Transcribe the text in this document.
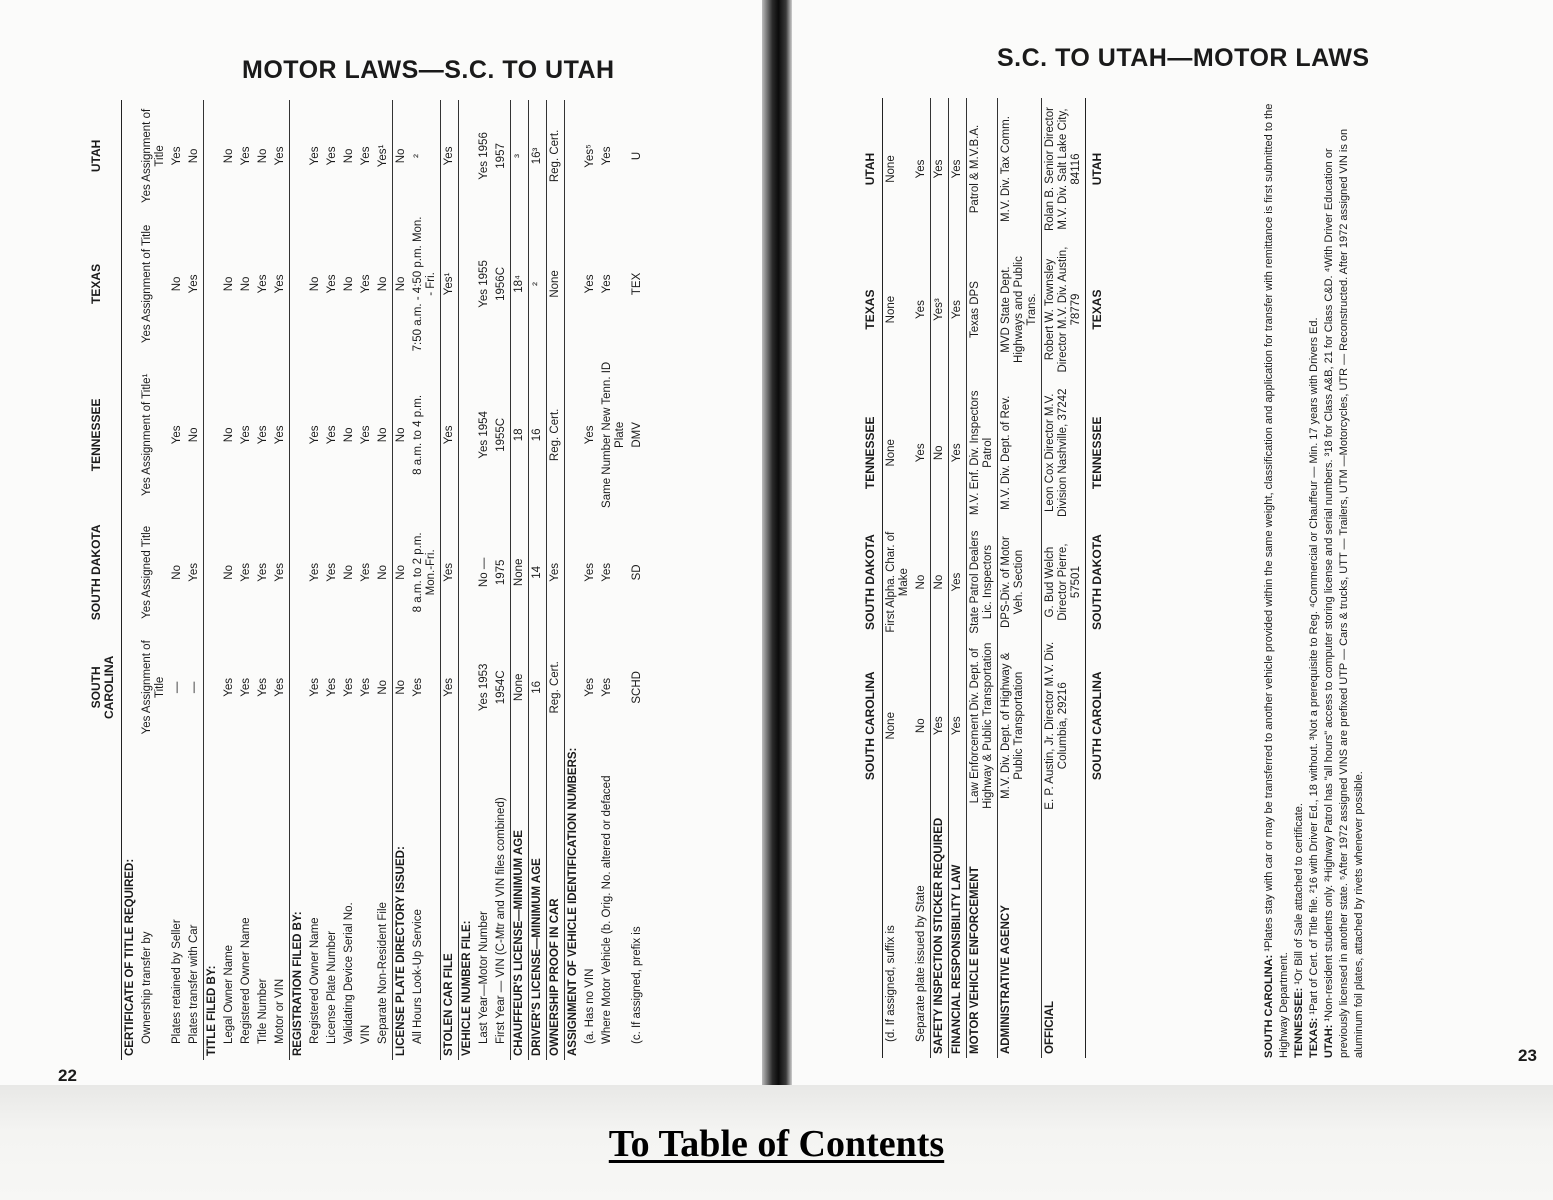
MOTOR LAWS—S.C. TO UTAH
22
	SOUTH CAROLINA	SOUTH DAKOTA	TENNESSEE	TEXAS	UTAH
CERTIFICATE OF TITLE REQUIRED:					
Ownership transfer by	Yes Assignment of Title	Yes Assigned Title	Yes Assignment of Title¹	Yes Assignment of Title	Yes Assignment of Title
Plates retained by Seller	—	No	Yes	No	Yes
Plates transfer with Car	—	Yes	No	Yes	No
TITLE FILED BY:					
Legal Owner Name	Yes	No	No	No	No
Registered Owner Name	Yes	Yes	Yes	No	Yes
Title Number	Yes	Yes	Yes	Yes	No
Motor or VIN	Yes	Yes	Yes	Yes	Yes
REGISTRATION FILED BY:					
Registered Owner Name	Yes	Yes	Yes	No	Yes
License Plate Number	Yes	Yes	Yes	Yes	Yes
Validating Device Serial No.	Yes	No	No	No	No
VIN	Yes	Yes	Yes	Yes	Yes
Separate Non-Resident File	No	No	No	No	Yes¹
LICENSE PLATE DIRECTORY ISSUED:	No	No	No	No	No
All Hours Look-Up Service	Yes	8 a.m. to 2 p.m. Mon.-Fri.	8 a.m. to 4 p.m.	7:50 a.m. - 4:50 p.m. Mon. - Fri.	²
STOLEN CAR FILE	Yes	Yes	Yes	Yes¹	Yes
VEHICLE NUMBER FILE:					
Last Year—Motor Number	Yes 1953	No —	Yes 1954	Yes 1955	Yes 1956
First Year — VIN (C-Mtr and VIN files combined)	1954C	1975	1955C	1956C	1957
CHAUFFEUR'S LICENSE—MINIMUM AGE	None	None	18	18⁴	³
DRIVER'S LICENSE—MINIMUM AGE	16	14	16	²	16³
OWNERSHIP PROOF IN CAR	Reg. Cert.	Yes	Reg. Cert.	None	Reg. Cert.
ASSIGNMENT OF VEHICLE IDENTIFICATION NUMBERS:					
(a. Has no VIN	Yes	Yes	Yes	Yes	Yes⁵
Where Motor Vehicle (b. Orig. No. altered or defaced	Yes	Yes	Same Number New Tenn. ID Plate	Yes	Yes
(c. If assigned, prefix is	SCHD	SD	DMV	TEX	U
S.C. TO UTAH—MOTOR LAWS
23
	SOUTH CAROLINA	SOUTH DAKOTA	TENNESSEE	TEXAS	UTAH
(d. If assigned, suffix is	None	First Alpha. Char. of Make	None	None	None
Separate plate issued by State	No	No	Yes	Yes	Yes
SAFETY INSPECTION STICKER REQUIRED	Yes	No	No	Yes³	Yes
FINANCIAL RESPONSIBILITY LAW	Yes	Yes	Yes	Yes	Yes
MOTOR VEHICLE ENFORCEMENT	Law Enforcement Div. Dept. of Highway & Public Transportation	State Patrol Dealers Lic. Inspectors	M.V. Enf. Div. Inspectors Patrol	Texas DPS	Patrol & M.V.B.A.
ADMINISTRATIVE AGENCY	M.V. Div. Dept. of Highway & Public Transportation	DPS-Div. of Motor Veh. Section	M.V. Div. Dept. of Rev.	MVD State Dept. Highways and Public Trans.	M.V. Div. Tax Comm.
OFFICIAL	E. P. Austin, Jr. Director M.V. Div. Columbia, 29216	G. Bud Welch Director Pierre, 57501	Leon Cox Director M.V. Division Nashville, 37242	Robert W. Townsley Director M.V. Div. Austin, 78779	Rolan B. Senior Director M.V. Div. Salt Lake City, 84116
	SOUTH CAROLINA	SOUTH DAKOTA	TENNESSEE	TEXAS	UTAH

SOUTH CAROLINA: ¹Plates stay with car or may be transferred to another vehicle provided within the same weight, classification and application for transfer with remittance is first submitted to the Highway Department. TENNESSEE: ¹Or Bill of Sale attached to certificate.

TEXAS: ¹Part of Cert. of Title file. ²16 with Driver Ed., 18 without. ³Not a prerequisite to Reg. ⁴Commercial or Chauffeur — Min. 17 years with Drivers Ed.

UTAH: ¹Non-resident students only. ²Highway Patrol has "all hours" access to computer storing license and serial numbers. ³18 for Class A&B, 21 for Class C&D. ⁴With Driver Education or previously licensed in another state. ⁵After 1972 assigned VINS are prefixed UTP — Cars & trucks, UTT — Trailers, UTM —Motorcycles, UTR — Reconstructed. After 1972 assigned VIN is on aluminum foil plates, attached by rivets whenever possible.

To Table of Contents
